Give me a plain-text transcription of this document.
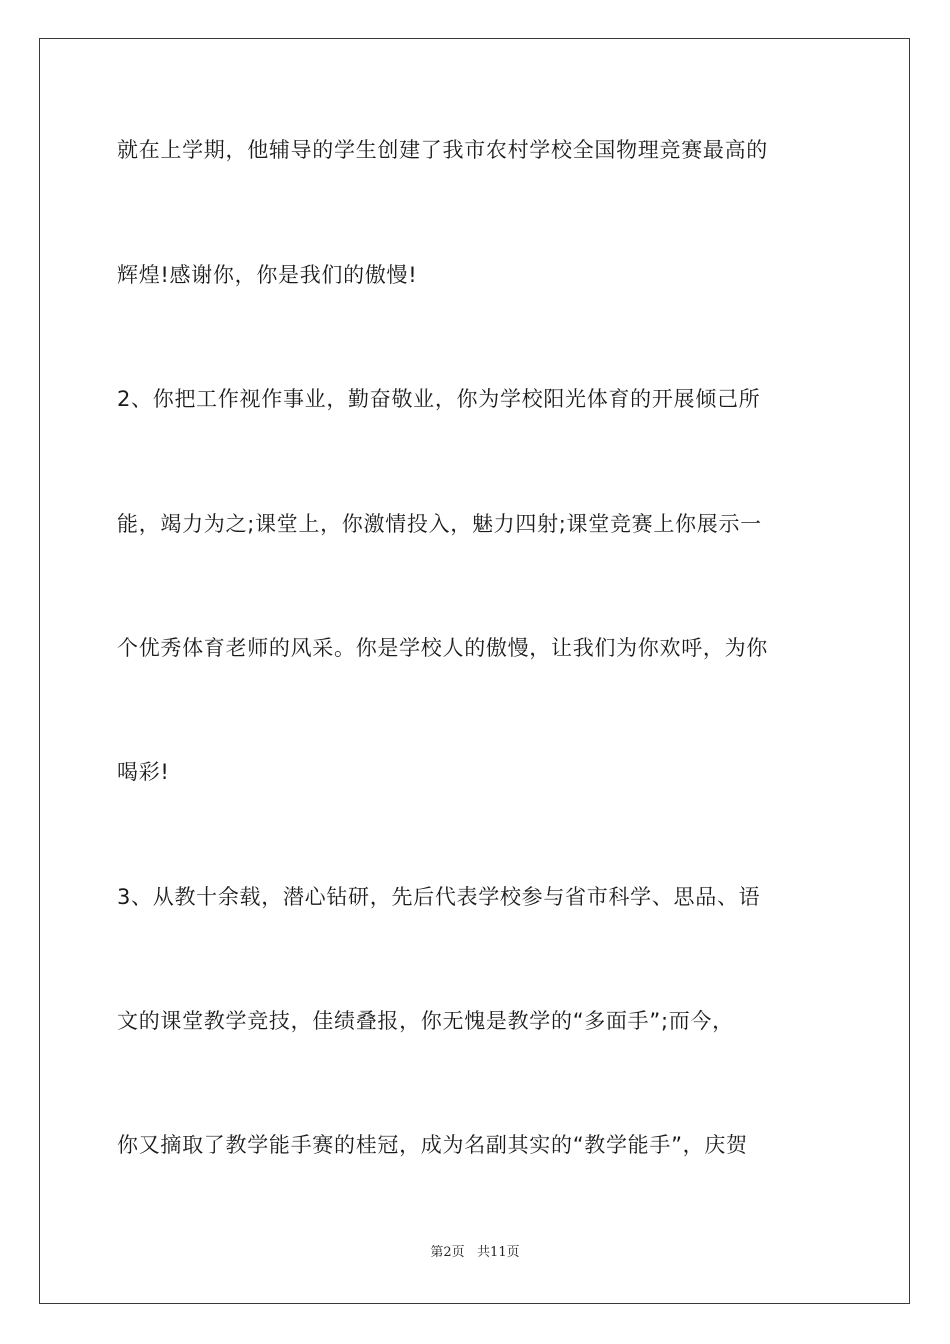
就在上学期，他辅导的学生创建了我市农村学校全国物理竞赛最高的
辉煌!感谢你，你是我们的傲慢!
2、你把工作视作事业，勤奋敬业，你为学校阳光体育的开展倾己所
能，竭力为之;课堂上，你激情投入，魅力四射;课堂竞赛上你展示一
个优秀体育老师的风采。你是学校人的傲慢，让我们为你欢呼，为你
喝彩!
3、从教十余载，潜心钻研，先后代表学校参与省市科学、思品、语
文的课堂教学竞技，佳绩叠报，你无愧是教学的“多面手”;而今，
你又摘取了教学能手赛的桂冠，成为名副其实的“教学能手”，庆贺
第2页   共11页
